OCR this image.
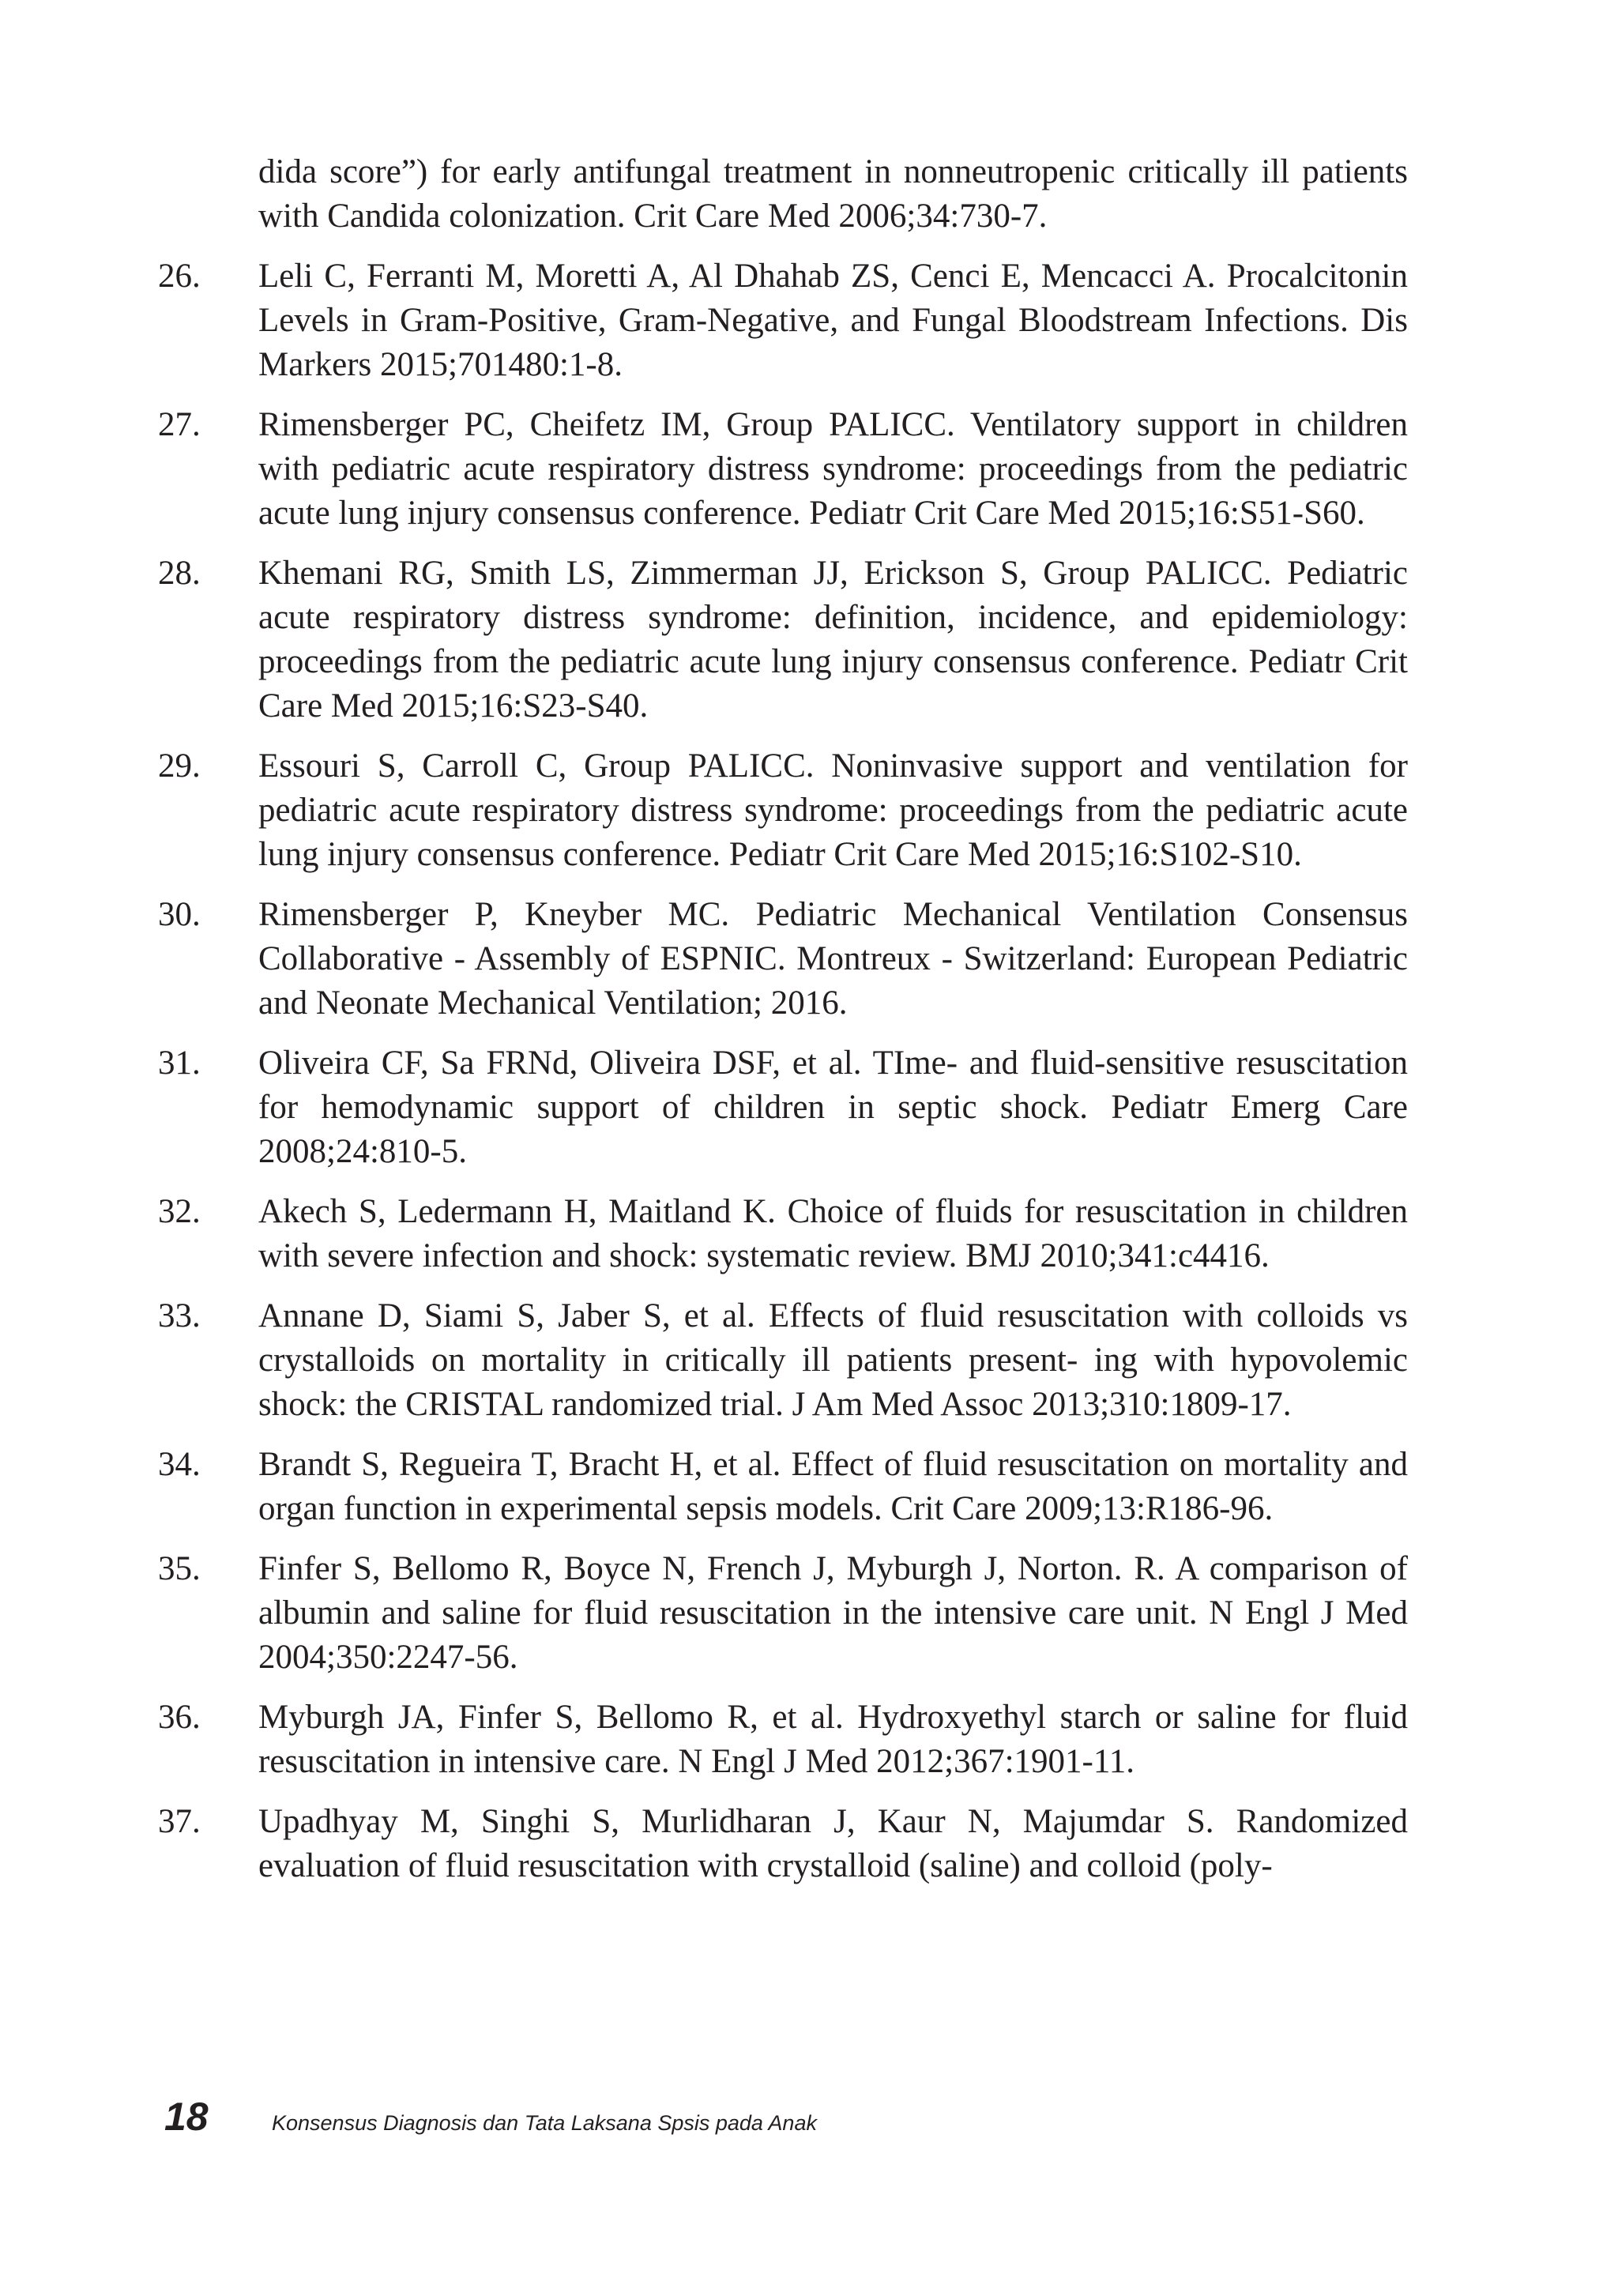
dida score”) for early antifungal treatment in nonneutropenic critically ill patients with Candida colonization. Crit Care Med 2006;34:730-7.
26.	Leli C, Ferranti M, Moretti A, Al Dhahab ZS, Cenci E, Mencacci A. Procalcitonin Levels in Gram-Positive, Gram-Negative, and Fungal Bloodstream Infections. Dis Markers 2015;701480:1-8.
27.	Rimensberger PC, Cheifetz IM, Group PALICC. Ventilatory support in children with pediatric acute respiratory distress syndrome: proceedings from the pediatric acute lung injury consensus conference. Pediatr Crit Care Med 2015;16:S51-S60.
28.	Khemani RG, Smith LS, Zimmerman JJ, Erickson S, Group PALICC. Pediatric acute respiratory distress syndrome: definition, incidence, and epidemiology: proceedings from the pediatric acute lung injury consensus conference. Pediatr Crit Care Med 2015;16:S23-S40.
29.	Essouri S, Carroll C, Group PALICC. Noninvasive support and ventilation for pediatric acute respiratory distress syndrome: proceedings from the pediatric acute lung injury consensus conference. Pediatr Crit Care Med 2015;16:S102-S10.
30.	Rimensberger P, Kneyber MC. Pediatric Mechanical Ventilation Consensus Collaborative - Assembly of ESPNIC. Montreux - Switzerland: European Pediatric and Neonate Mechanical Ventilation; 2016.
31.	Oliveira CF, Sa FRNd, Oliveira DSF, et al. TIme- and fluid-sensitive resuscitation for hemodynamic support of children in septic shock. Pediatr Emerg Care 2008;24:810-5.
32.	Akech S, Ledermann H, Maitland K. Choice of fluids for resuscitation in children with severe infection and shock: systematic review. BMJ 2010;341:c4416.
33.	Annane D, Siami S, Jaber S, et al. Effects of fluid resuscitation with colloids vs crystalloids on mortality in critically ill patients present- ing with hypovolemic shock: the CRISTAL randomized trial. J Am Med Assoc 2013;310:1809-17.
34.	Brandt S, Regueira T, Bracht H, et al. Effect of fluid resuscitation on mortality and organ function in experimental sepsis models. Crit Care 2009;13:R186-96.
35.	Finfer S, Bellomo R, Boyce N, French J, Myburgh J, Norton. R. A comparison of albumin and saline for fluid resuscitation in the intensive care unit. N Engl J Med 2004;350:2247-56.
36.	Myburgh JA, Finfer S, Bellomo R, et al. Hydroxyethyl starch or saline for fluid resuscitation in intensive care. N Engl J Med 2012;367:1901-11.
37.	Upadhyay M, Singhi S, Murlidharan J, Kaur N, Majumdar S. Randomized evaluation of fluid resuscitation with crystalloid (saline) and colloid (poly-
18	Konsensus Diagnosis dan Tata Laksana Spsis pada Anak
